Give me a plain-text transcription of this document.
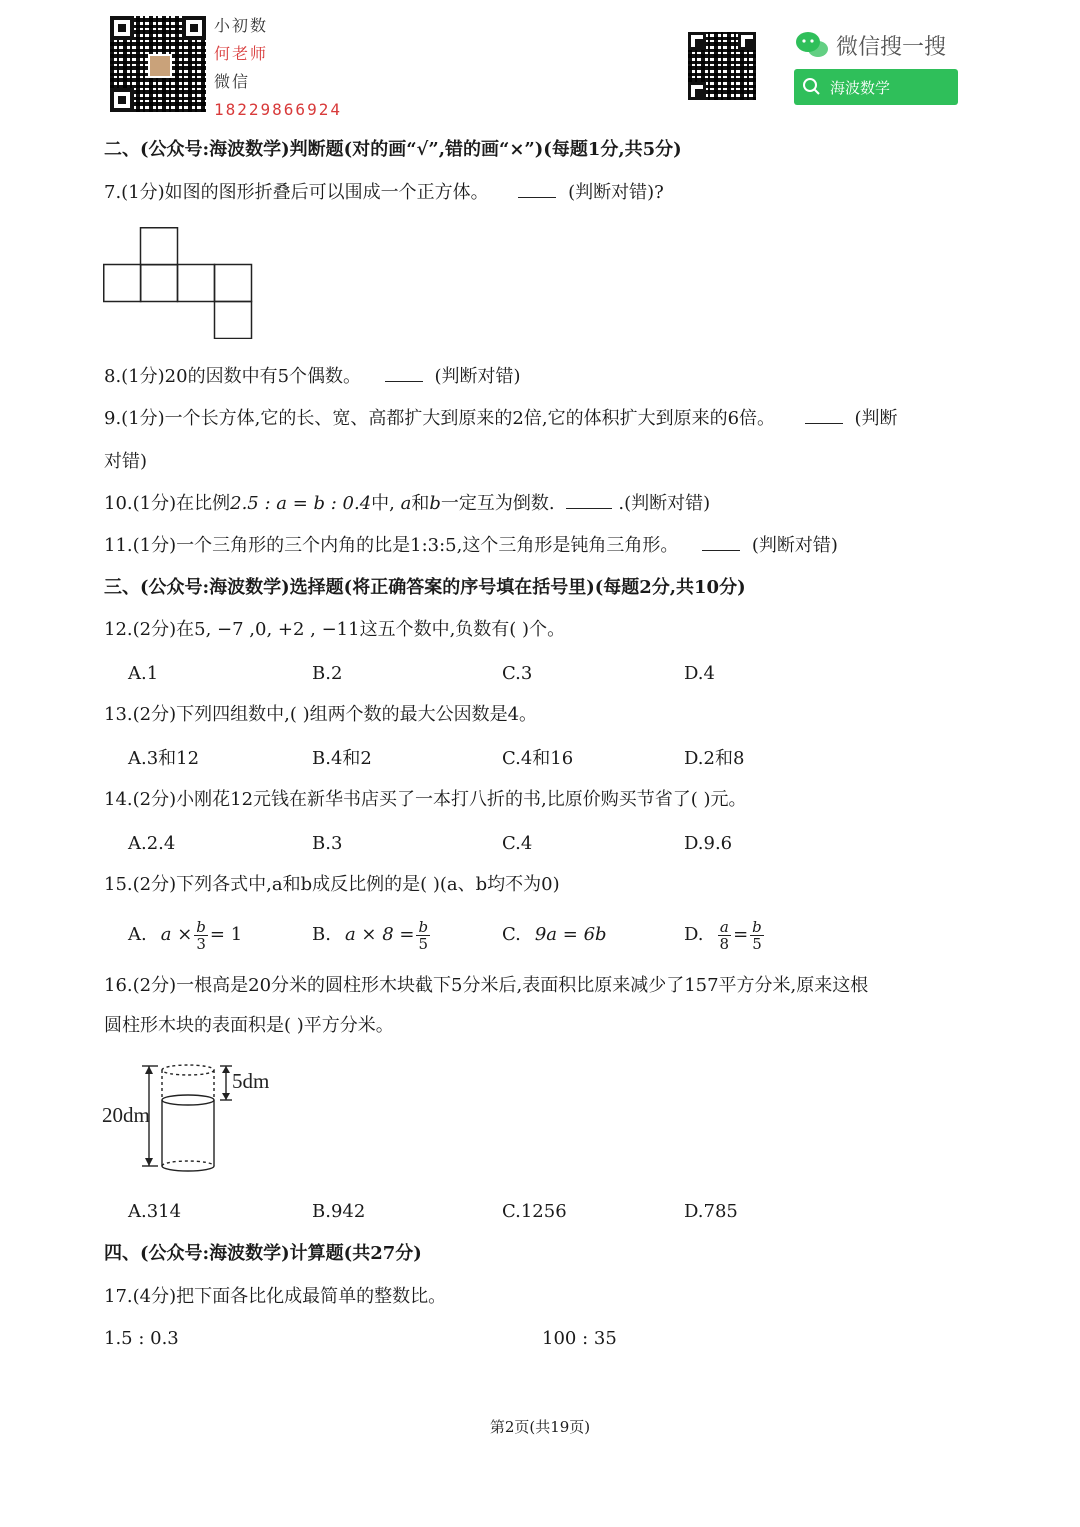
小初数
何老师
微信
18229866924
微信搜一搜
海波数学
二、(公众号:海波数学)判断题(对的画“√”,错的画“×”)(每题1分,共5分)
7.(1分)如图的图形折叠后可以围成一个正方体。	(判断对错)?
8.(1分)20的因数中有5个偶数。	(判断对错)
9.(1分)一个长方体,它的长、宽、高都扩大到原来的2倍,它的体积扩大到原来的6倍。	(判断
对错)
10.(1分)在比例2.5 : a = b : 0.4中, a和b一定互为倒数.	.(判断对错)
11.(1分)一个三角形的三个内角的比是1:3:5,这个三角形是钝角三角形。	(判断对错)
三、(公众号:海波数学)选择题(将正确答案的序号填在括号里)(每题2分,共10分)
12.(2分)在5, −7 ,0, +2 , −11这五个数中,负数有( )个。
A.1	B.2	C.3	D.4
13.(2分)下列四组数中,( )组两个数的最大公因数是4。
A.3和12	B.4和2	C.4和16	D.2和8
14.(2分)小刚花12元钱在新华书店买了一本打八折的书,比原价购买节省了( )元。
A.2.4	B.3	C.4	D.9.6
15.(2分)下列各式中,a和b成反比例的是( )(a、b均不为0)
A. $a \times \frac{b}{3} = 1$	B. $a \times 8 = \frac{b}{5}$	C. 9a = 6b	D. $\frac{a}{8} = \frac{b}{5}$
16.(2分)一根高是20分米的圆柱形木块截下5分米后,表面积比原来减少了157平方分米,原来这根
圆柱形木块的表面积是( )平方分米。
20dm
5dm
A.314	B.942	C.1256	D.785
四、(公众号:海波数学)计算题(共27分)
17.(4分)把下面各比化成最简单的整数比。
1.5 : 0.3	100 : 35
第2页(共19页)
